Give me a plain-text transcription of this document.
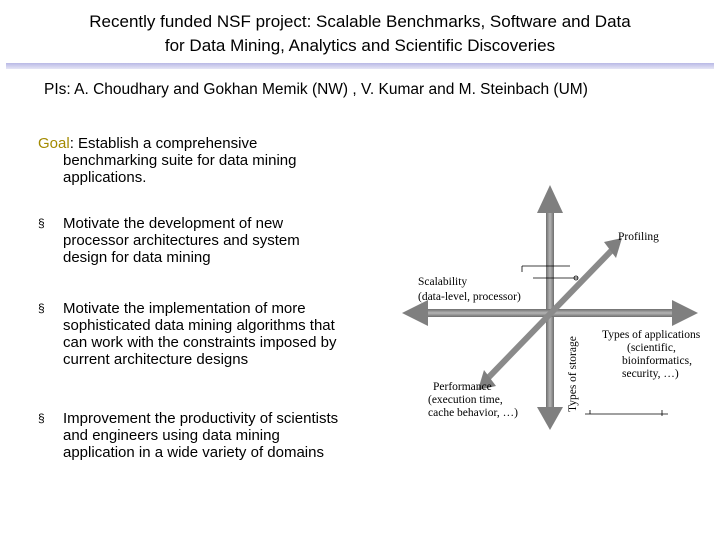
Recently funded NSF project: Scalable Benchmarks, Software and Data
for Data Mining, Analytics and Scientific Discoveries
PIs: A. Choudhary and Gokhan Memik (NW) , V. Kumar and M. Steinbach (UM)
Goal: Establish a comprehensive
benchmarking suite for data mining
applications.
§ Motivate the development of new
processor architectures and system
design for data mining
§ Motivate the implementation of more
sophisticated data mining algorithms that
can work with the constraints imposed by
current architecture designs
§ Improvement the productivity of scientists
and engineers using data mining
application in a wide variety of domains
Profiling
Scalability
(data-level, processor)
Types of applications
(scientific,
bioinformatics,
security, …)
Performance
(execution time,
cache behavior, …)
Types of storage
